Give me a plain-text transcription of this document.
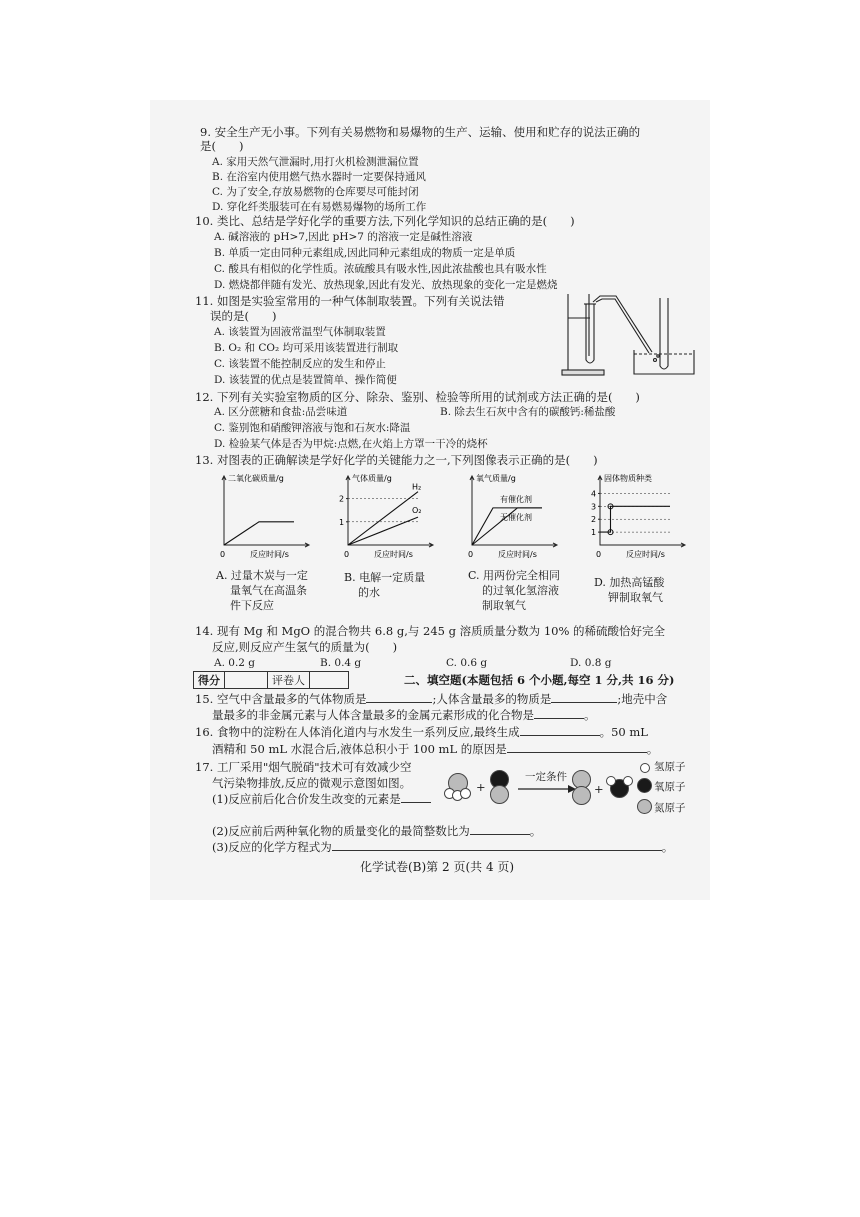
9. 安全生产无小事。下列有关易燃物和易爆物的生产、运输、使用和贮存的说法正确的
是(　　)
A. 家用天然气泄漏时,用打火机检测泄漏位置
B. 在浴室内使用燃气热水器时一定要保持通风
C. 为了安全,存放易燃物的仓库要尽可能封闭
D. 穿化纤类服装可在有易燃易爆物的场所工作
10. 类比、总结是学好化学的重要方法,下列化学知识的总结正确的是(　　)
A. 碱溶液的 pH>7,因此 pH>7 的溶液一定是碱性溶液
B. 单质一定由同种元素组成,因此同种元素组成的物质一定是单质
C. 酸具有相似的化学性质。浓硫酸具有吸水性,因此浓盐酸也具有吸水性
D. 燃烧都伴随有发光、放热现象,因此有发光、放热现象的变化一定是燃烧
11. 如图是实验室常用的一种气体制取装置。下列有关说法错
误的是(　　)
A. 该装置为固液常温型气体制取装置
B. O₂ 和 CO₂ 均可采用该装置进行制取
C. 该装置不能控制反应的发生和停止
D. 该装置的优点是装置简单、操作简便
12. 下列有关实验室物质的区分、除杂、鉴别、检验等所用的试剂或方法正确的是(　　)
A. 区分蔗糖和食盐:品尝味道	B. 除去生石灰中含有的碳酸钙:稀盐酸
C. 鉴别饱和硝酸钾溶液与饱和石灰水:降温
D. 检验某气体是否为甲烷:点燃,在火焰上方罩一干冷的烧杯
13. 对图表的正确解读是学好化学的关键能力之一,下列图像表示正确的是(　　)
二氧化碳质量/g
反应时间/s
0
气体质量/g
反应时间/s
0
1
2
H₂
O₂
氧气质量/g
反应时间/s
0
有催化剂
无催化剂
固体物质种类
反应时间/s
0
1
2
3
4
A. 过量木炭与一定
量氧气在高温条
件下反应
B. 电解一定质量
的水
C. 用两份完全相同
的过氧化氢溶液
制取氧气
D. 加热高锰酸
钾制取氧气
14. 现有 Mg 和 MgO 的混合物共 6.8 g,与 245 g 溶质质量分数为 10% 的稀硫酸恰好完全
反应,则反应产生氢气的质量为(　　)
A. 0.2 g	B. 0.4 g	C. 0.6 g	D. 0.8 g
得分		评卷人		二、填空题(本题包括 6 个小题,每空 1 分,共 16 分)
15. 空气中含量最多的气体物质是	;人体含量最多的物质是	;地壳中含
量最多的非金属元素与人体含量最多的金属元素形成的化合物是	。
16. 食物中的淀粉在人体消化道内与水发生一系列反应,最终生成	。50 mL
酒精和 50 mL 水混合后,液体总积小于 100 mL 的原因是	。
17. 工厂采用"烟气脱硝"技术可有效减少空
气污染物排放,反应的微观示意图如图。
(1)反应前后化合价发生改变的元素是
(2)反应前后两种氧化物的质量变化的最简整数比为	。
(3)反应的化学方程式为	。
+
一定条件
→ +
氢原子
氧原子
氮原子
化学试卷(B)第 2 页(共 4 页)
